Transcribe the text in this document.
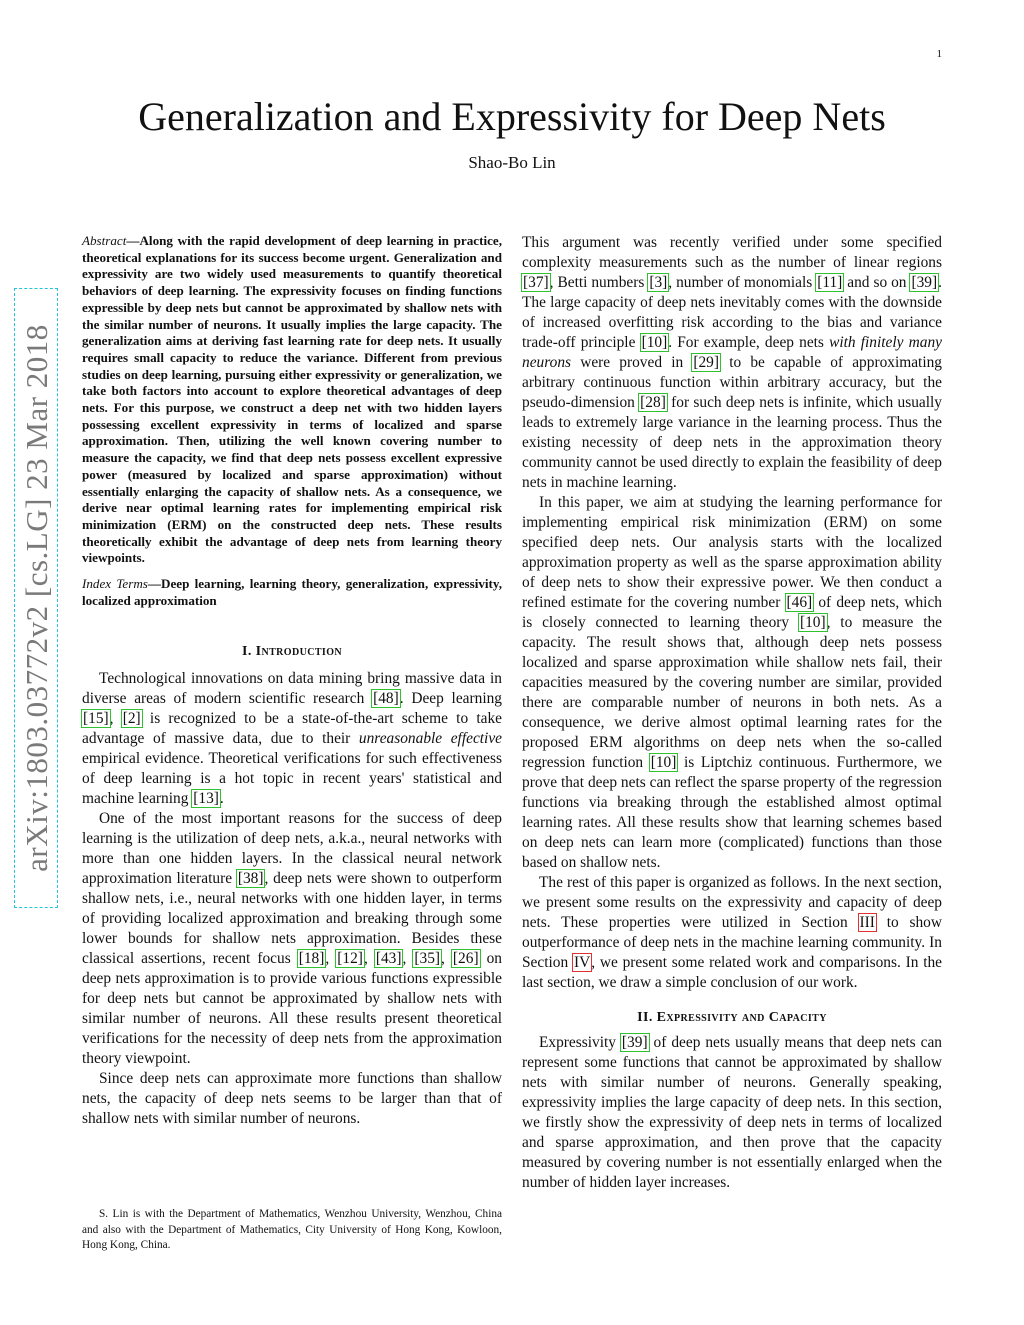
1
arXiv:1803.03772v2 [cs.LG] 23 Mar 2018
Generalization and Expressivity for Deep Nets
Shao-Bo Lin

Abstract—Along with the rapid development of deep learning in practice, theoretical explanations for its success become urgent. Generalization and expressivity are two widely used measurements to quantify theoretical behaviors of deep learning. The expressivity focuses on finding functions expressible by deep nets but cannot be approximated by shallow nets with the similar number of neurons. It usually implies the large capacity. The generalization aims at deriving fast learning rate for deep nets. It usually requires small capacity to reduce the variance. Different from previous studies on deep learning, pursuing either expressivity or generalization, we take both factors into account to explore theoretical advantages of deep nets. For this purpose, we construct a deep net with two hidden layers possessing excellent expressivity in terms of localized and sparse approximation. Then, utilizing the well known covering number to measure the capacity, we find that deep nets possess excellent expressive power (measured by localized and sparse approximation) without essentially enlarging the capacity of shallow nets. As a consequence, we derive near optimal learning rates for implementing empirical risk minimization (ERM) on the constructed deep nets. These results theoretically exhibit the advantage of deep nets from learning theory viewpoints.

Index Terms—Deep learning, learning theory, generalization, expressivity, localized approximation

I. Introduction

Technological innovations on data mining bring massive data in diverse areas of modern scientific research [48]. Deep learning [15], [2] is recognized to be a state-of-the-art scheme to take advantage of massive data, due to their unreasonable effective empirical evidence. Theoretical verifications for such effectiveness of deep learning is a hot topic in recent years' statistical and machine learning [13].

One of the most important reasons for the success of deep learning is the utilization of deep nets, a.k.a., neural networks with more than one hidden layers. In the classical neural network approximation literature [38], deep nets were shown to outperform shallow nets, i.e., neural networks with one hidden layer, in terms of providing localized approximation and breaking through some lower bounds for shallow nets approximation. Besides these classical assertions, recent focus [18], [12], [43], [35], [26] on deep nets approximation is to provide various functions expressible for deep nets but cannot be approximated by shallow nets with similar number of neurons. All these results present theoretical verifications for the necessity of deep nets from the approximation theory viewpoint.

Since deep nets can approximate more functions than shallow nets, the capacity of deep nets seems to be larger than that of shallow nets with similar number of neurons.

S. Lin is with the Department of Mathematics, Wenzhou University, Wenzhou, China and also with the Department of Mathematics, City University of Hong Kong, Kowloon, Hong Kong, China.

This argument was recently verified under some specified complexity measurements such as the number of linear regions [37], Betti numbers [3], number of monomials [11] and so on [39]. The large capacity of deep nets inevitably comes with the downside of increased overfitting risk according to the bias and variance trade-off principle [10]. For example, deep nets with finitely many neurons were proved in [29] to be capable of approximating arbitrary continuous function within arbitrary accuracy, but the pseudo-dimension [28] for such deep nets is infinite, which usually leads to extremely large variance in the learning process. Thus the existing necessity of deep nets in the approximation theory community cannot be used directly to explain the feasibility of deep nets in machine learning.

In this paper, we aim at studying the learning performance for implementing empirical risk minimization (ERM) on some specified deep nets. Our analysis starts with the localized approximation property as well as the sparse approximation ability of deep nets to show their expressive power. We then conduct a refined estimate for the covering number [46] of deep nets, which is closely connected to learning theory [10], to measure the capacity. The result shows that, although deep nets possess localized and sparse approximation while shallow nets fail, their capacities measured by the covering number are similar, provided there are comparable number of neurons in both nets. As a consequence, we derive almost optimal learning rates for the proposed ERM algorithms on deep nets when the so-called regression function [10] is Liptchiz continuous. Furthermore, we prove that deep nets can reflect the sparse property of the regression functions via breaking through the established almost optimal learning rates. All these results show that learning schemes based on deep nets can learn more (complicated) functions than those based on shallow nets.

The rest of this paper is organized as follows. In the next section, we present some results on the expressivity and capacity of deep nets. These properties were utilized in Section III to show outperformance of deep nets in the machine learning community. In Section IV, we present some related work and comparisons. In the last section, we draw a simple conclusion of our work.

II. Expressivity and Capacity

Expressivity [39] of deep nets usually means that deep nets can represent some functions that cannot be approximated by shallow nets with similar number of neurons. Generally speaking, expressivity implies the large capacity of deep nets. In this section, we firstly show the expressivity of deep nets in terms of localized and sparse approximation, and then prove that the capacity measured by covering number is not essentially enlarged when the number of hidden layer increases.
